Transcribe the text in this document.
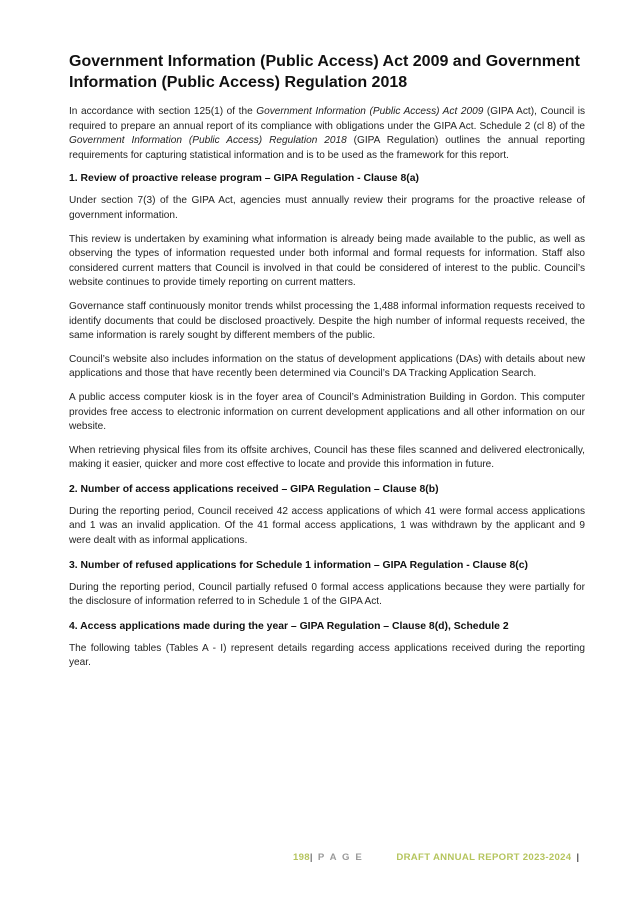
Government Information (Public Access) Act 2009 and Government Information (Public Access) Regulation 2018

In accordance with section 125(1) of the Government Information (Public Access) Act 2009 (GIPA Act), Council is required to prepare an annual report of its compliance with obligations under the GIPA Act. Schedule 2 (cl 8) of the Government Information (Public Access) Regulation 2018 (GIPA Regulation) outlines the annual reporting requirements for capturing statistical information and is to be used as the framework for this report.

1. Review of proactive release program – GIPA Regulation - Clause 8(a)

Under section 7(3) of the GIPA Act, agencies must annually review their programs for the proactive release of government information.

This review is undertaken by examining what information is already being made available to the public, as well as observing the types of information requested under both informal and formal requests for information. Staff also considered current matters that Council is involved in that could be considered of interest to the public. Council’s website continues to provide timely reporting on current matters.

Governance staff continuously monitor trends whilst processing the 1,488 informal information requests received to identify documents that could be disclosed proactively. Despite the high number of informal requests received, the same information is rarely sought by different members of the public.

Council’s website also includes information on the status of development applications (DAs) with details about new applications and those that have recently been determined via Council’s DA Tracking Application Search.

A public access computer kiosk is in the foyer area of Council’s Administration Building in Gordon. This computer provides free access to electronic information on current development applications and all other information on our website.

When retrieving physical files from its offsite archives, Council has these files scanned and delivered electronically, making it easier, quicker and more cost effective to locate and provide this information in future.

2. Number of access applications received – GIPA Regulation – Clause 8(b)

During the reporting period, Council received 42 access applications of which 41 were formal access applications and 1 was an invalid application. Of the 41 formal access applications, 1 was withdrawn by the applicant and 9 were dealt with as informal applications.

3. Number of refused applications for Schedule 1 information – GIPA Regulation - Clause 8(c)

During the reporting period, Council partially refused 0 formal access applications because they were partially for the disclosure of information referred to in Schedule 1 of the GIPA Act.

4. Access applications made during the year – GIPA Regulation – Clause 8(d), Schedule 2

The following tables (Tables A - I) represent details regarding access applications received during the reporting year.

198| P A G E	DRAFT ANNUAL REPORT 2023-2024 |
